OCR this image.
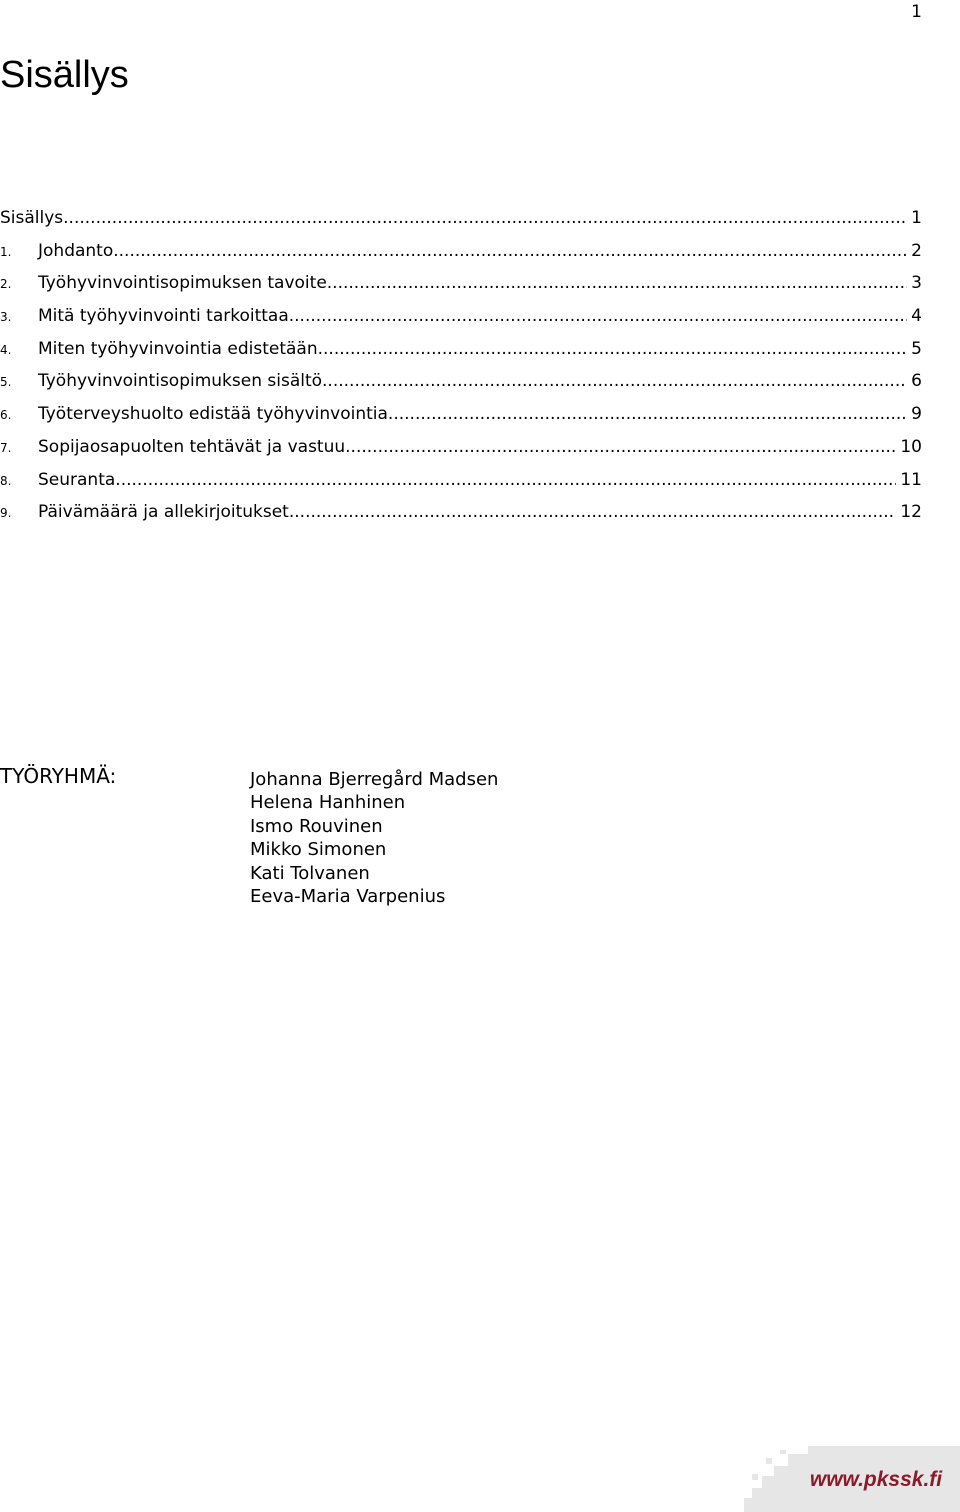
1
Sisällys
Sisällys .....	1
1.	Johdanto .....	2
2.	Työhyvinvointisopimuksen tavoite .....	3
3.	Mitä työhyvinvointi tarkoittaa .....	4
4.	Miten työhyvinvointia edistetään .....	5
5.	Työhyvinvointisopimuksen sisältö .....	6
6.	Työterveyshuolto edistää työhyvinvointia .....	9
7.	Sopijaosapuolten tehtävät ja vastuu .....	10
8.	Seuranta .....	11
9.	Päivämäärä ja allekirjoitukset .....	12
TYÖRYHMÄ:	Johanna Bjerregård Madsen
Helena Hanhinen
Ismo Rouvinen
Mikko Simonen
Kati Tolvanen
Eeva-Maria Varpenius
www.pkssk.fi
